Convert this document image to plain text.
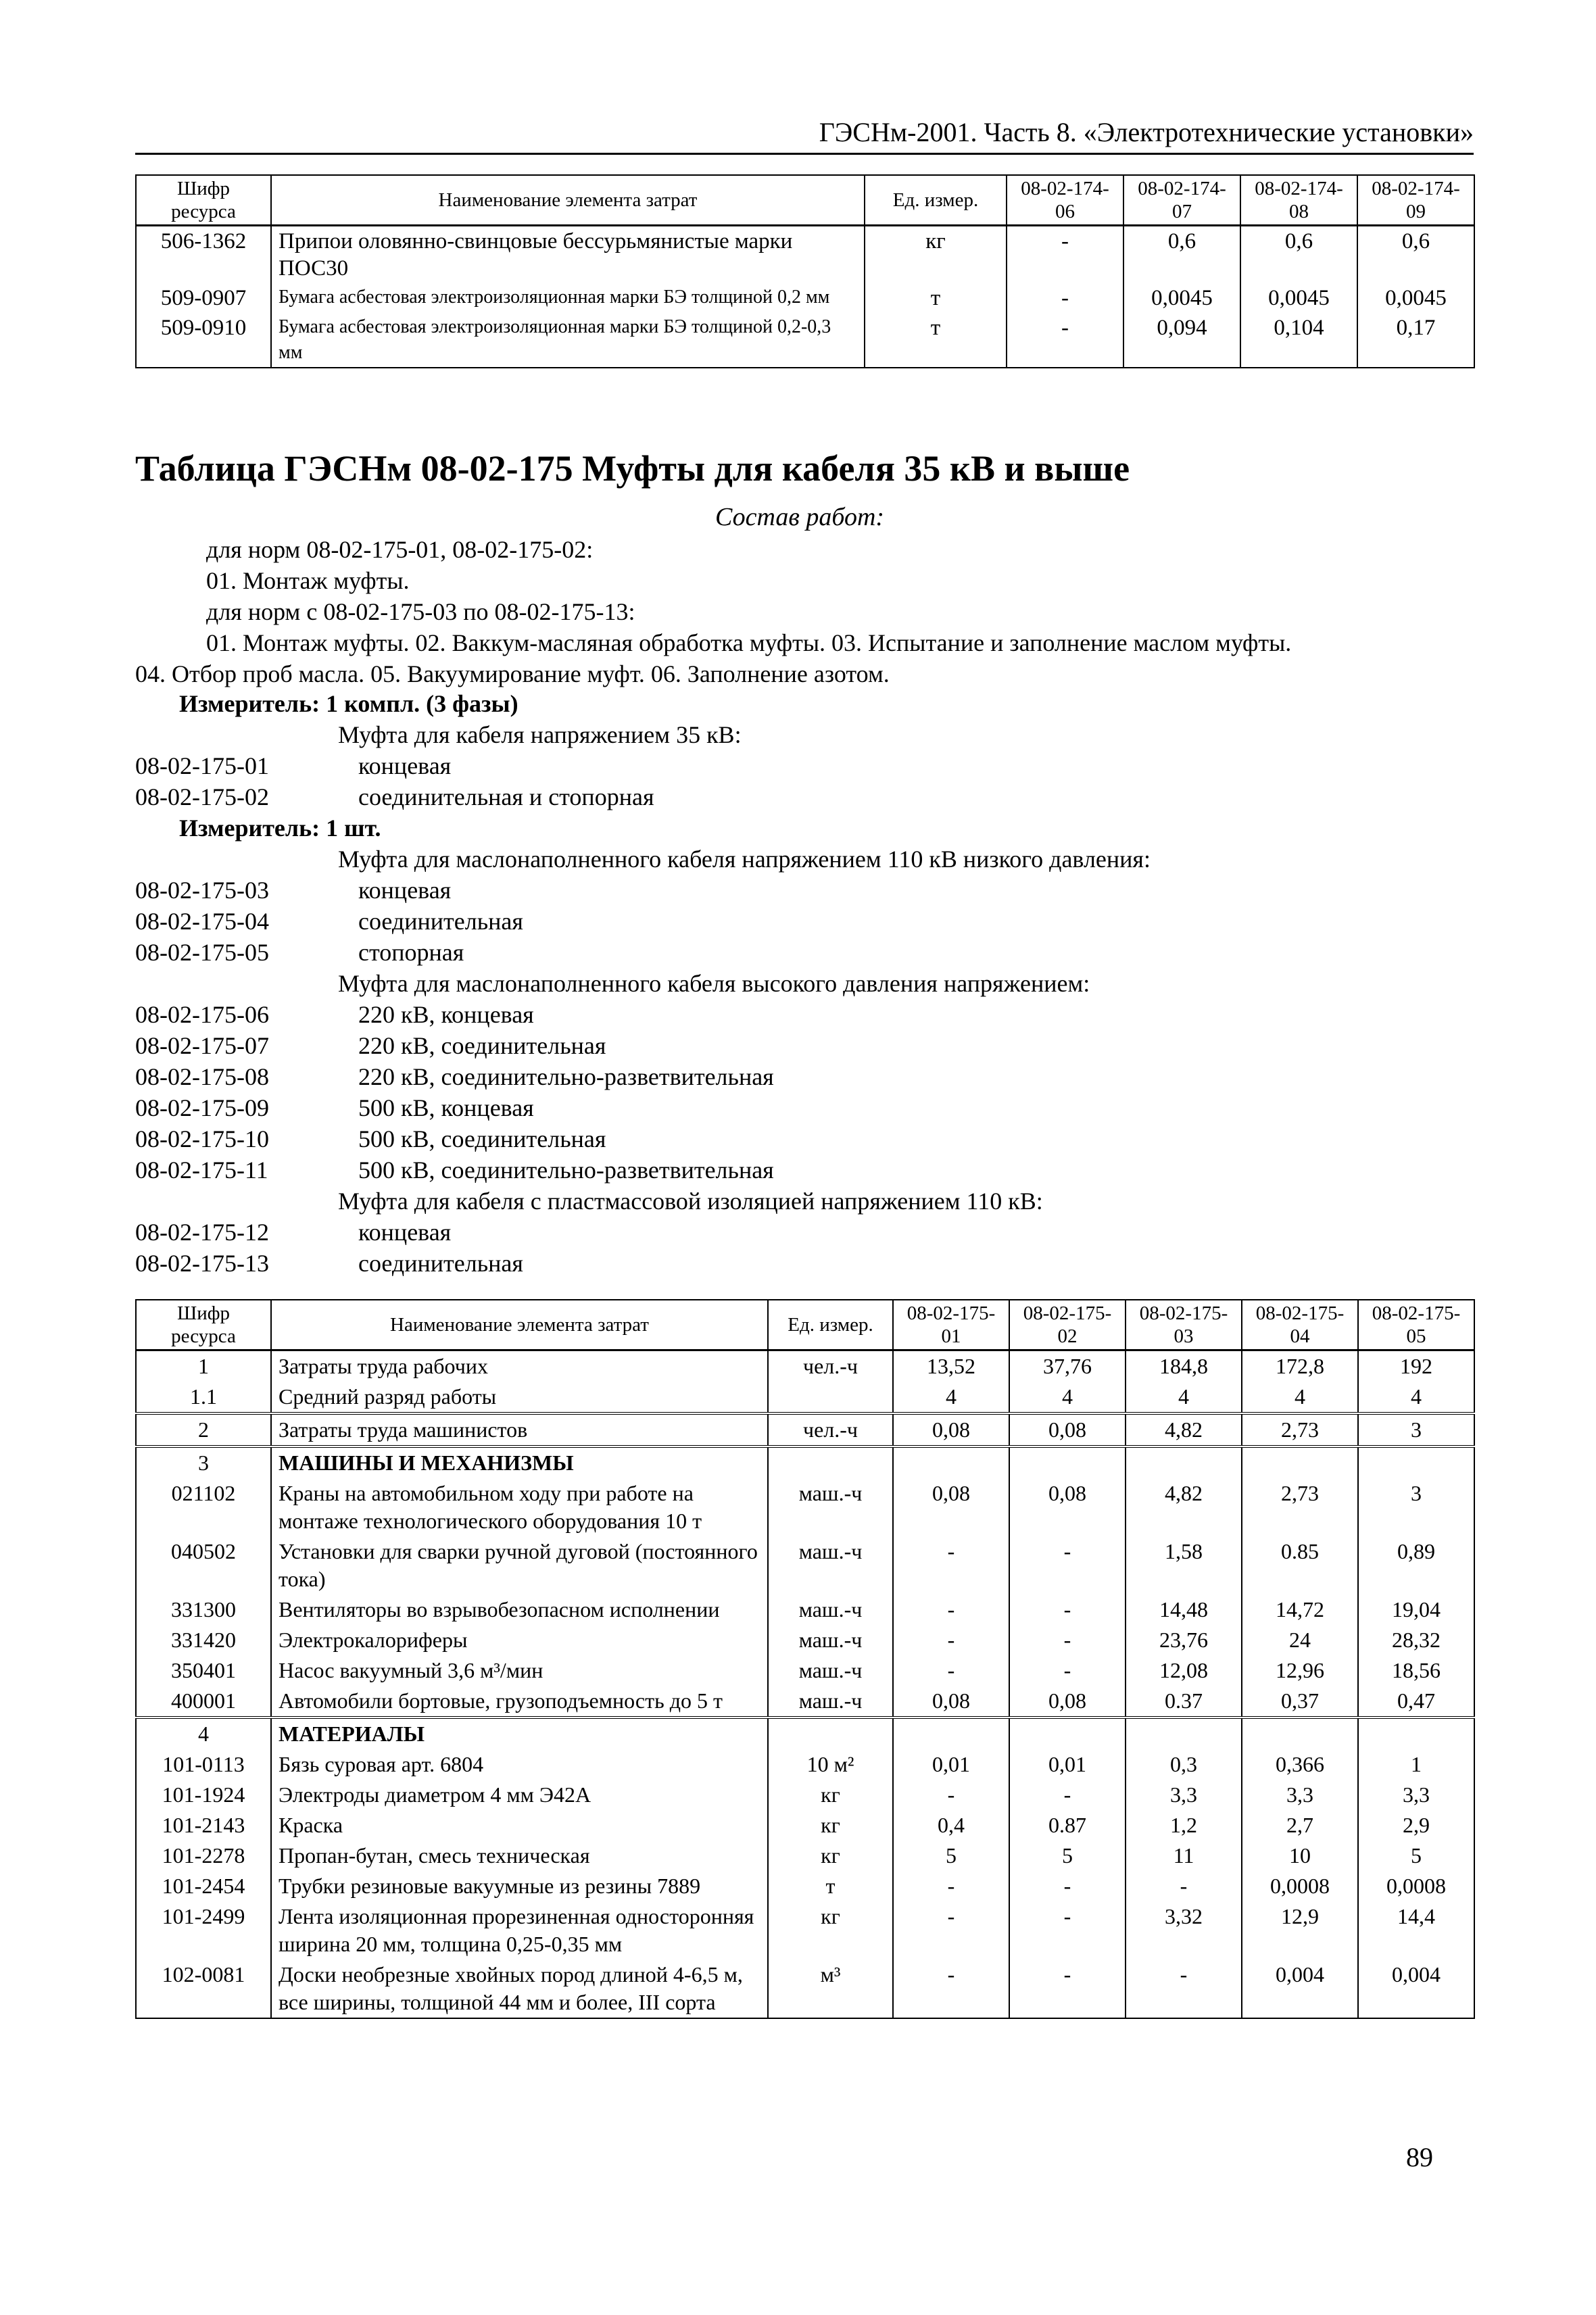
ГЭСНм-2001. Часть 8. «Электротехнические установки»
Шифр ресурса	Наименование элемента затрат	Ед. измер.	08-02-174-06	08-02-174-07	08-02-174-08	08-02-174-09
506-1362	Припои оловянно-свинцовые бессурьмянистые марки ПОС30	кг	-	0,6	0,6	0,6
509-0907	Бумага асбестовая электроизоляционная марки БЭ толщиной 0,2 мм	т	-	0,0045	0,0045	0,0045
509-0910	Бумага асбестовая электроизоляционная марки БЭ толщиной 0,2-0,3 мм	т	-	0,094	0,104	0,17
Таблица ГЭСНм 08-02-175 Муфты для кабеля 35 кВ и выше
Состав работ:

для норм 08-02-175-01, 08-02-175-02:

01. Монтаж муфты.

для норм с 08-02-175-03 по 08-02-175-13:

01. Монтаж муфты. 02. Ваккум-масляная обработка муфты. 03. Испытание и заполнение маслом муфты.

04. Отбор проб масла. 05. Вакуумирование муфт. 06. Заполнение азотом.

Измеритель: 1 компл. (3 фазы)
Муфта для кабеля напряжением 35 кВ:
08-02-175-01	концевая
08-02-175-02	соединительная и стопорная
Измеритель: 1 шт.
Муфта для маслонаполненного кабеля напряжением 110 кВ низкого давления:
08-02-175-03	концевая
08-02-175-04	соединительная
08-02-175-05	стопорная
Муфта для маслонаполненного кабеля высокого давления напряжением:
08-02-175-06	220 кВ, концевая
08-02-175-07	220 кВ, соединительная
08-02-175-08	220 кВ, соединительно-разветвительная
08-02-175-09	500 кВ, концевая
08-02-175-10	500 кВ, соединительная
08-02-175-11	500 кВ, соединительно-разветвительная
Муфта для кабеля с пластмассовой изоляцией напряжением 110 кВ:
08-02-175-12	концевая
08-02-175-13	соединительная
Шифр ресурса	Наименование элемента затрат	Ед. измер.	08-02-175-01	08-02-175-02	08-02-175-03	08-02-175-04	08-02-175-05
1	Затраты труда рабочих	чел.-ч	13,52	37,76	184,8	172,8	192
1.1	Средний разряд работы		4	4	4	4	4
2	Затраты труда машинистов	чел.-ч	0,08	0,08	4,82	2,73	3
3	МАШИНЫ И МЕХАНИЗМЫ						
021102	Краны на автомобильном ходу при работе на монтаже технологического оборудования 10 т	маш.-ч	0,08	0,08	4,82	2,73	3
040502	Установки для сварки ручной дуговой (постоянного тока)	маш.-ч	-	-	1,58	0.85	0,89
331300	Вентиляторы во взрывобезопасном исполнении	маш.-ч	-	-	14,48	14,72	19,04
331420	Электрокалориферы	маш.-ч	-	-	23,76	24	28,32
350401	Насос вакуумный 3,6 м³/мин	маш.-ч	-	-	12,08	12,96	18,56
400001	Автомобили бортовые, грузоподъемность до 5 т	маш.-ч	0,08	0,08	0.37	0,37	0,47
4	МАТЕРИАЛЫ						
101-0113	Бязь суровая арт. 6804	10 м²	0,01	0,01	0,3	0,366	1
101-1924	Электроды диаметром 4 мм Э42А	кг	-	-	3,3	3,3	3,3
101-2143	Краска	кг	0,4	0.87	1,2	2,7	2,9
101-2278	Пропан-бутан, смесь техническая	кг	5	5	11	10	5
101-2454	Трубки резиновые вакуумные из резины 7889	т	-	-	-	0,0008	0,0008
101-2499	Лента изоляционная прорезиненная односторонняя ширина 20 мм, толщина 0,25-0,35 мм	кг	-	-	3,32	12,9	14,4
102-0081	Доски необрезные хвойных пород длиной 4-6,5 м, все ширины, толщиной 44 мм и более, III сорта	м³	-	-	-	0,004	0,004
89
